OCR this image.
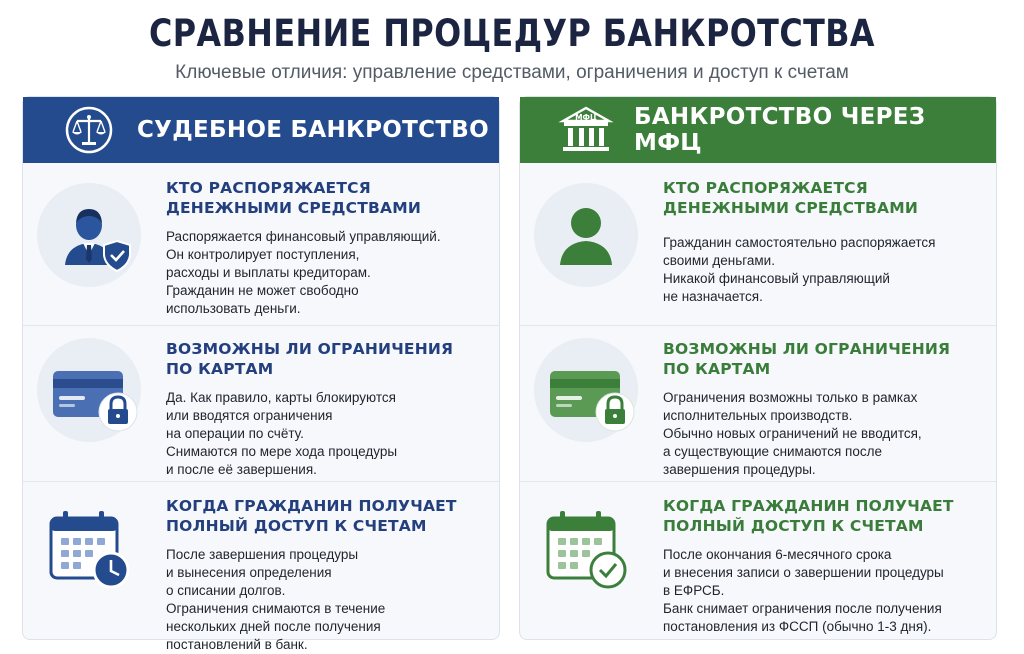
СРАВНЕНИЕ ПРОЦЕДУР БАНКРОТСТВА
Ключевые отличия: управление средствами, ограничения и доступ к счетам
СУДЕБНОЕ БАНКРОТСТВО
КТО РАСПОРЯЖАЕТСЯ
ДЕНЕЖНЫМИ СРЕДСТВАМИ
Распоряжается финансовый управляющий.
Он контролирует поступления,
расходы и выплаты кредиторам.
Гражданин не может свободно
использовать деньги.
ВОЗМОЖНЫ ЛИ ОГРАНИЧЕНИЯ
ПО КАРТАМ
Да. Как правило, карты блокируются
или вводятся ограничения
на операции по счёту.
Снимаются по мере хода процедуры
и после её завершения.
КОГДА ГРАЖДАНИН ПОЛУЧАЕТ
ПОЛНЫЙ ДОСТУП К СЧЕТАМ
После завершения процедуры
и вынесения определения
о списании долгов.
Ограничения снимаются в течение
нескольких дней после получения
постановлений в банк.
МФЦ БАНКРОТСТВО ЧЕРЕЗ МФЦ
КТО РАСПОРЯЖАЕТСЯ
ДЕНЕЖНЫМИ СРЕДСТВАМИ
Гражданин самостоятельно распоряжается
своими деньгами.
Никакой финансовый управляющий
не назначается.
ВОЗМОЖНЫ ЛИ ОГРАНИЧЕНИЯ
ПО КАРТАМ
Ограничения возможны только в рамках
исполнительных производств.
Обычно новых ограничений не вводится,
а существующие снимаются после
завершения процедуры.
КОГДА ГРАЖДАНИН ПОЛУЧАЕТ
ПОЛНЫЙ ДОСТУП К СЧЕТАМ
После окончания 6-месячного срока
и внесения записи о завершении процедуры
в ЕФРСБ.
Банк снимает ограничения после получения
постановления из ФССП (обычно 1-3 дня).
